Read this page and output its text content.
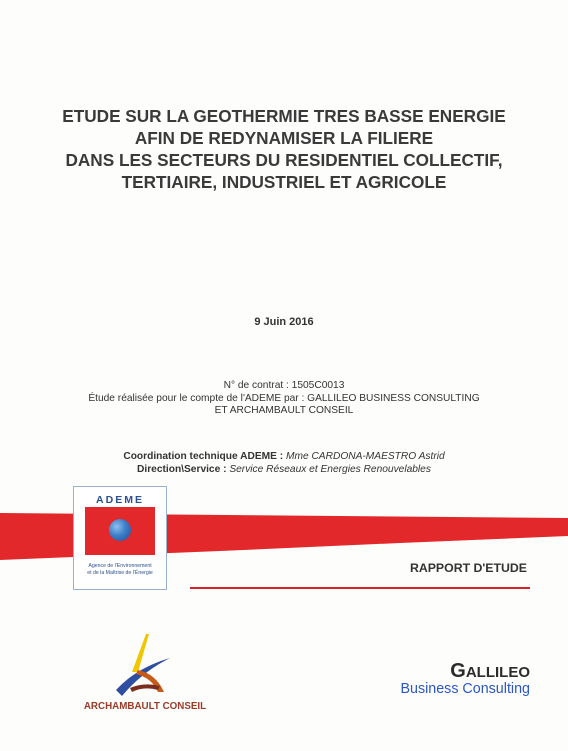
ETUDE SUR LA GEOTHERMIE TRES BASSE ENERGIE
AFIN DE REDYNAMISER LA FILIERE
DANS LES SECTEURS DU RESIDENTIEL COLLECTIF,
TERTIAIRE, INDUSTRIEL ET AGRICOLE
9 Juin 2016
N° de contrat : 1505C0013
Étude réalisée pour le compte de l'ADEME par : GALLILEO BUSINESS CONSULTING
ET ARCHAMBAULT CONSEIL
Coordination technique ADEME : Mme CARDONA-MAESTRO Astrid
Direction\Service : Service Réseaux et Energies Renouvelables
ADEME
Agence de l'Environnement
et de la Maîtrise de l'Énergie	RAPPORT D'ETUDE
ARCHAMBAULT CONSEIL
GALLILEO
Business Consulting
